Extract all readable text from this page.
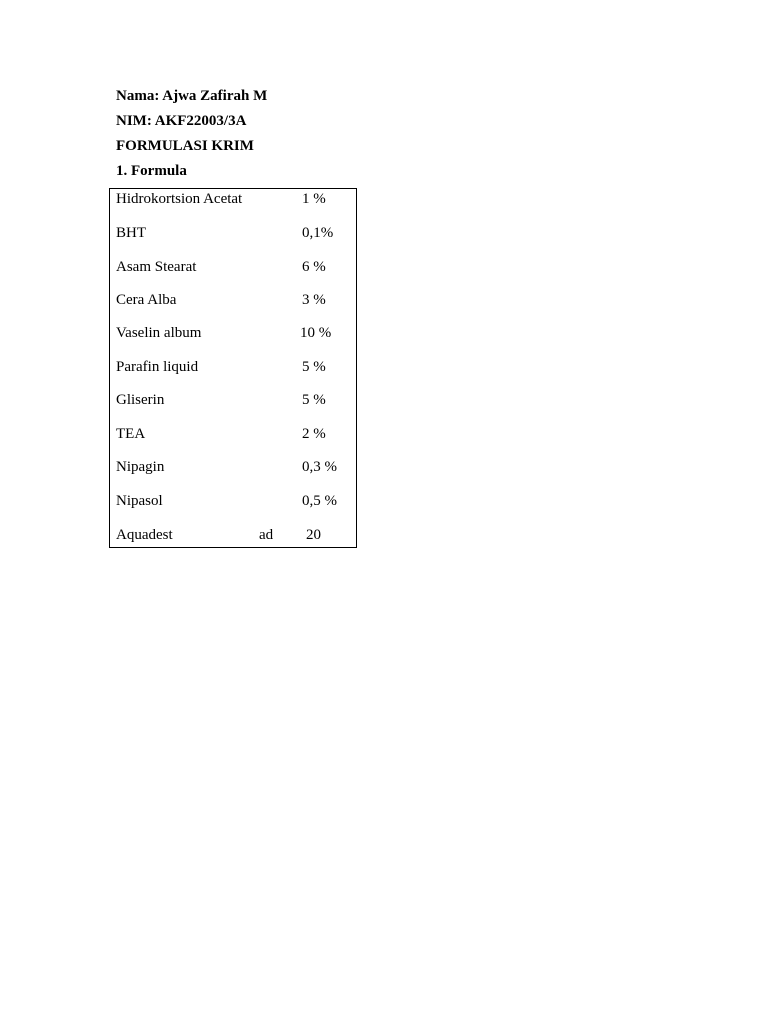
Nama: Ajwa Zafirah M
NIM: AKF22003/3A
FORMULASI KRIM
1. Formula
Hidrokortsion Acetat	1 %
BHT	0,1%
Asam Stearat	6 %
Cera Alba	3 %
Vaselin album	10 %
Parafin liquid	5 %
Gliserin	5 %
TEA	2 %
Nipagin	0,3 %
Nipasol	0,5 %
Aquadest	ad 20
